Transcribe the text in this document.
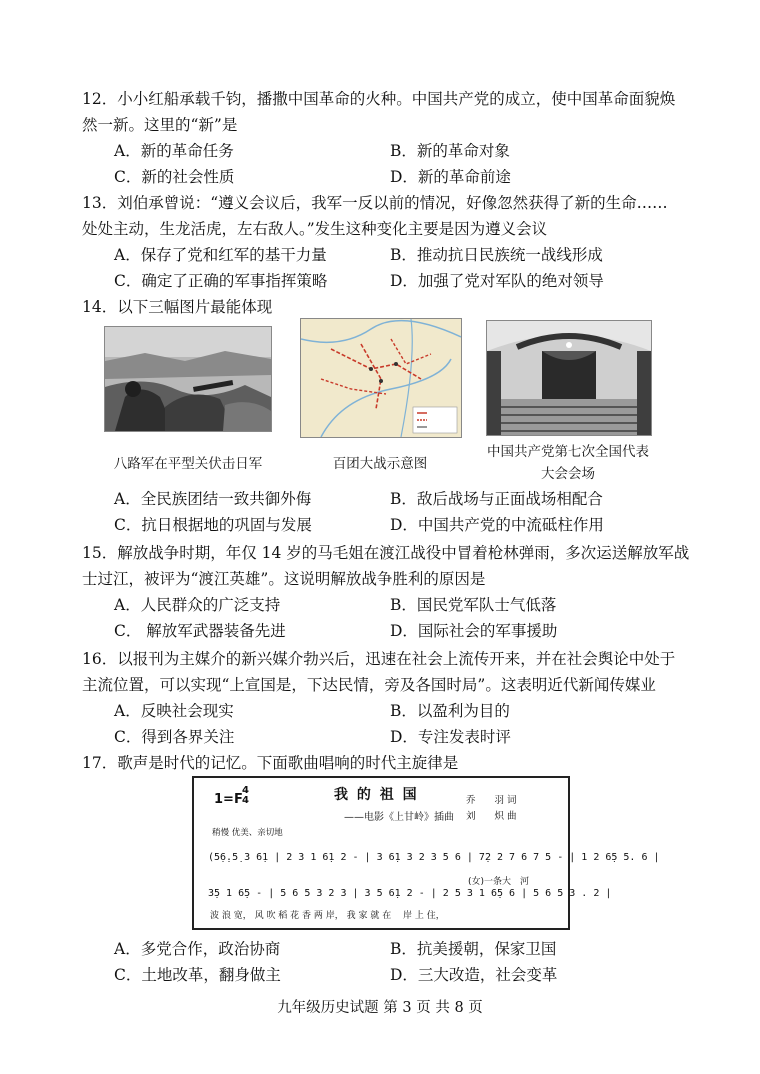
12．小小红船承载千钧，播撒中国革命的火种。中国共产党的成立，使中国革命面貌焕
然一新。这里的“新”是
A．新的革命任务	B．新的革命对象
C．新的社会性质	D．新的革命前途
13．刘伯承曾说：“遵义会议后，我军一反以前的情况，好像忽然获得了新的生命……
处处主动，生龙活虎，左右敌人。”发生这种变化主要是因为遵义会议
A．保存了党和红军的基干力量	B．推动抗日民族统一战线形成
C．确定了正确的军事指挥策略	D．加强了党对军队的绝对领导
14．以下三幅图片最能体现
八路军在平型关伏击日军	百团大战示意图
中国共产党第七次全国代表
大会会场
A．全民族团结一致共御外侮	B．敌后战场与正面战场相配合
C．抗日根据地的巩固与发展	D．中国共产党的中流砥柱作用
15．解放战争时期，年仅 14 岁的马毛姐在渡江战役中冒着枪林弹雨，多次运送解放军战
士过江，被评为“渡江英雄”。这说明解放战争胜利的原因是
A．人民群众的广泛支持	B．国民党军队士气低落
C． 解放军武器装备先进	D．国际社会的军事援助
16．以报刊为主媒介的新兴媒介勃兴后，迅速在社会上流传开来，并在社会舆论中处于
主流位置，可以实现“上宣国是，下达民情，旁及各国时局”。这表明近代新闻传媒业
A．反映社会现实	B．以盈利为目的
C．得到各界关注	D．专注发表时评
17．歌声是时代的记忆。下面歌曲唱响的时代主旋律是
1=F
4
4	我 的 祖 国
——电影《上甘岭》插曲
乔　　羽 词
刘　　炽 曲
稍慢 优美、亲切地
(5̣6̣.5̣ 3 6̣1 | 2 3 1 6̣1 2 - | 3 6̣1 3 2 3 5 6 | 7̣2 2 7 6 7 5 - | 1 2 6̣5 5. 6 |
(女)一条大　河
3̣5 1 6̣5 - | 5 6 5 3 2 3 | 3 5 6̣1 2 - | 2 5 3 1 6̣5 6 | 5 6 5 3 . 2 |
波 浪 宽， 风 吹 稻 花 香 两 岸， 我 家 就 在　 岸 上 住，
A．多党合作，政治协商	B．抗美援朝，保家卫国
C．土地改革，翻身做主	D．三大改造，社会变革
九年级历史试题 第 3 页 共 8 页
